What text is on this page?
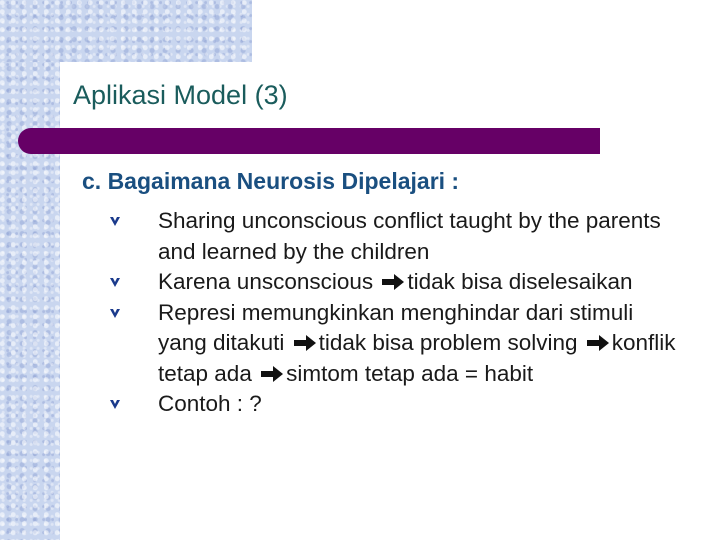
Aplikasi Model (3)
c. Bagaimana Neurosis Dipelajari :
Sharing unconscious conflict taught by the parents and learned by the children
Karena unsconscious tidak bisa diselesaikan
Represi memungkinkan menghindar dari stimuli yang ditakuti tidak bisa problem solving konflik tetap ada simtom tetap ada = habit
Contoh : ?
